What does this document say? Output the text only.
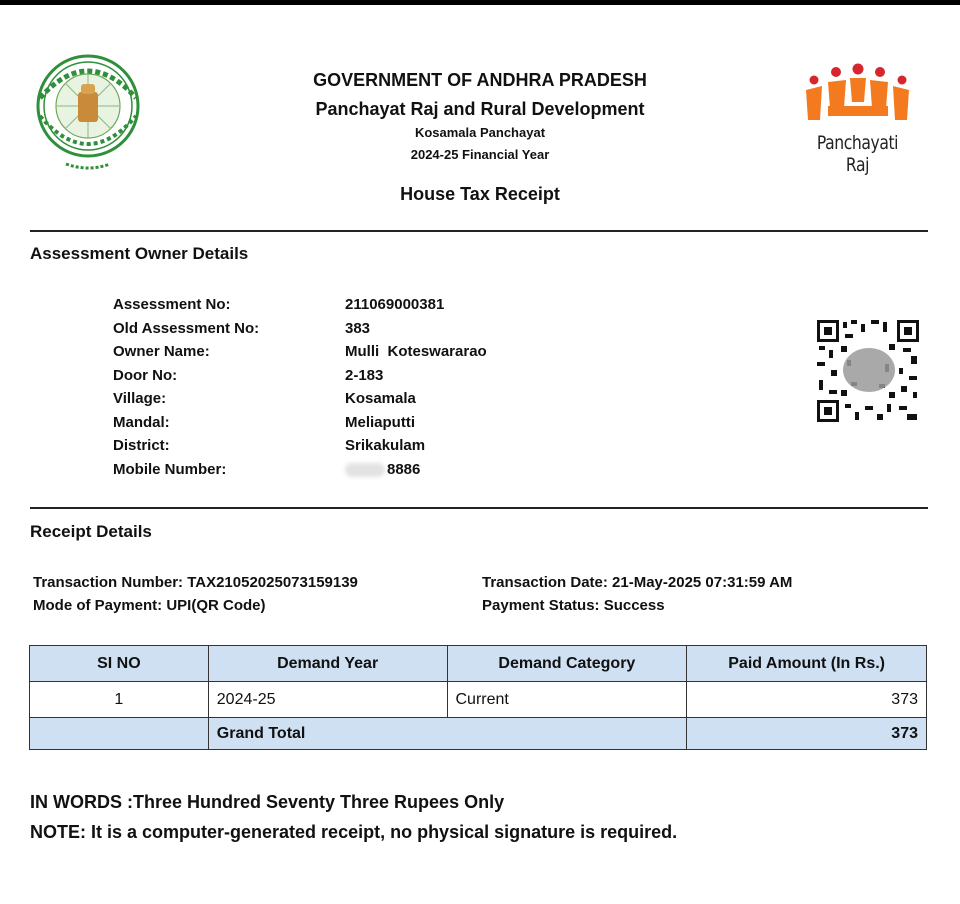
Panchayati Raj
GOVERNMENT OF ANDHRA PRADESH
Panchayat Raj and Rural Development
Kosamala Panchayat
2024-25 Financial Year
House Tax Receipt
Assessment Owner Details
Assessment No:	211069000381
Old Assessment No:	383
Owner Name:	Mulli  Koteswararao
Door No:	2-183
Village:	Kosamala
Mandal:	Meliaputti
District:	Srikakulam
Mobile Number:	8886
Receipt Details
Transaction Number: TAX21052025073159139
Mode of Payment: UPI(QR Code)
Transaction Date: 21-May-2025 07:31:59 AM
Payment Status: Success
SI NO	Demand Year	Demand Category	Paid Amount (In Rs.)
1	2024-25	Current	373
	Grand Total		373
IN WORDS :Three Hundred Seventy Three Rupees Only
NOTE: It is a computer-generated receipt, no physical signature is required.
